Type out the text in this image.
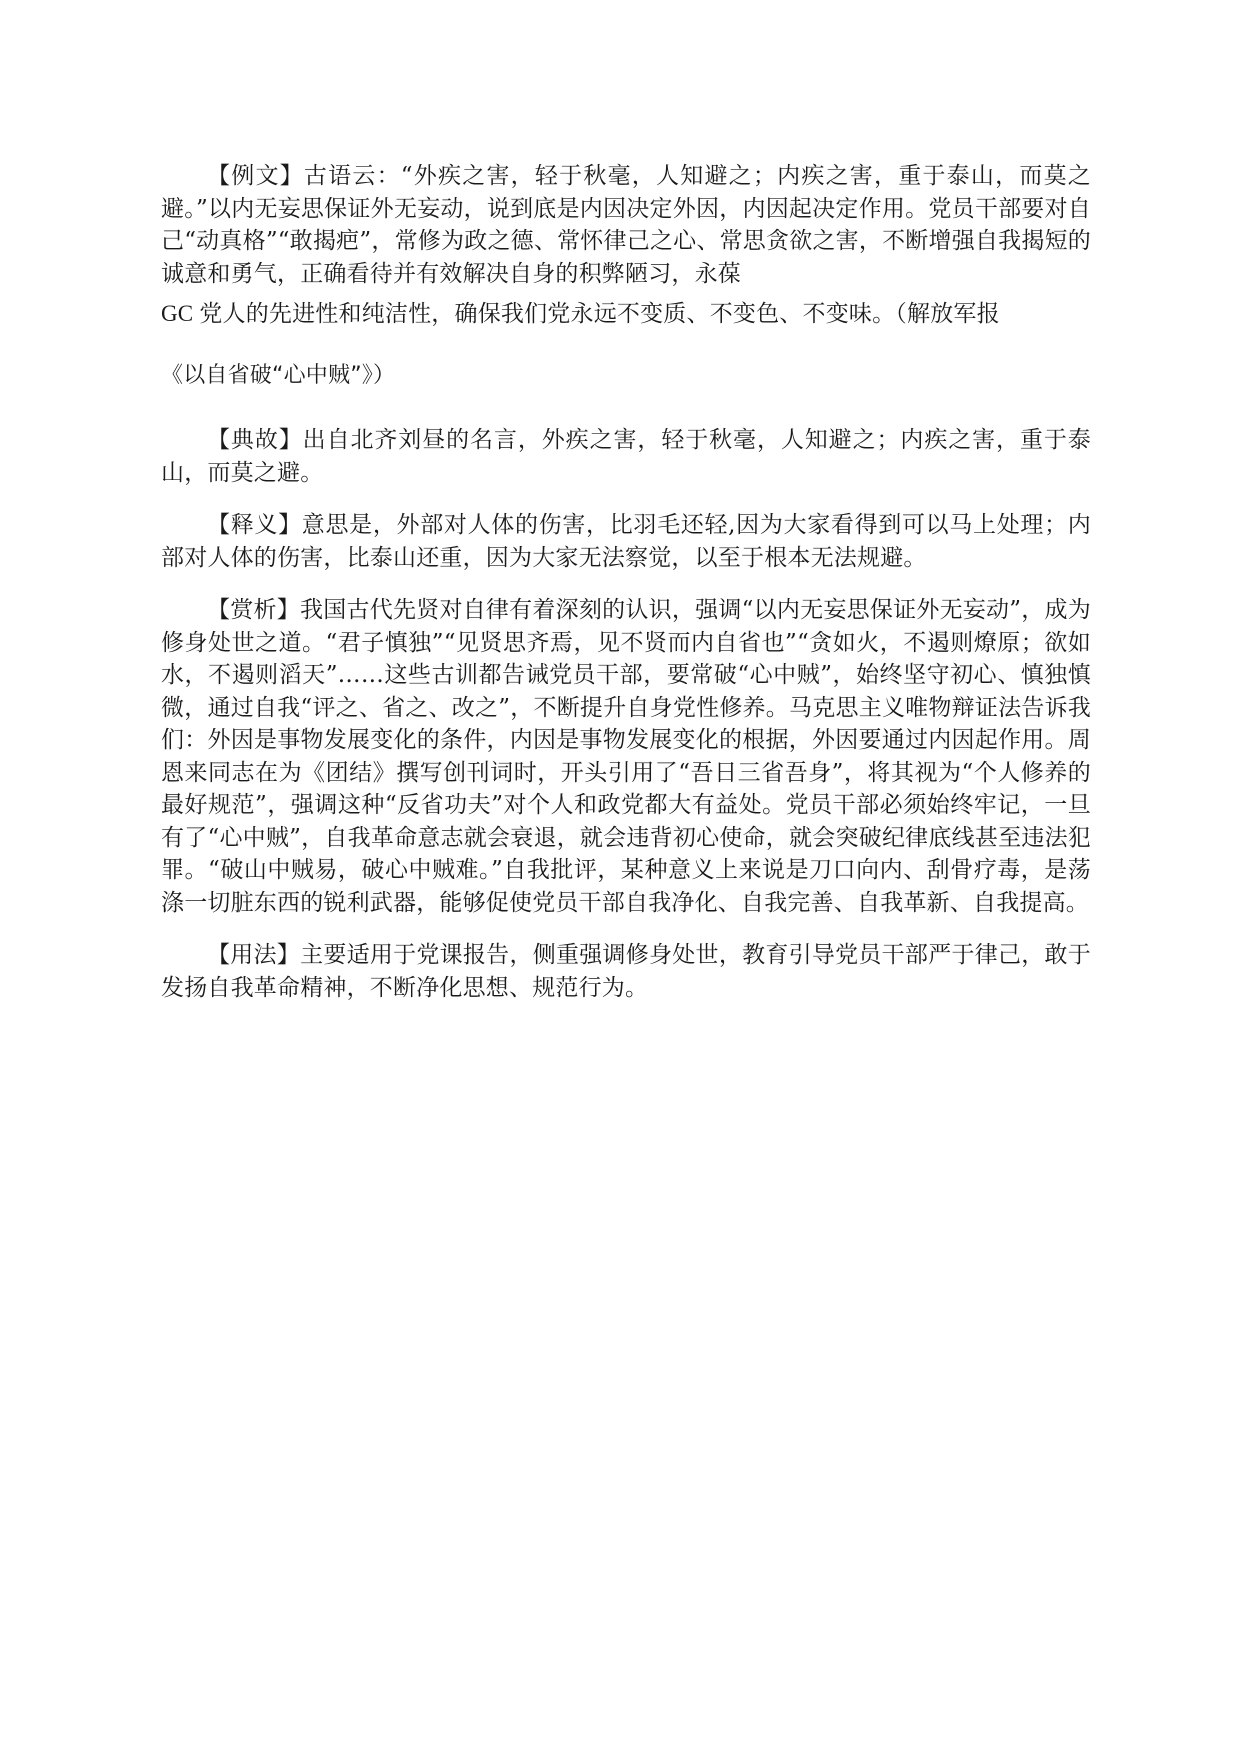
【例文】古语云：“外疾之害，轻于秋毫，人知避之；内疾之害，重于泰山，而莫之避。”以内无妄思保证外无妄动，说到底是内因决定外因，内因起决定作用。党员干部要对自己“动真格”“敢揭疤”，常修为政之德、常怀律己之心、常思贪欲之害，不断增强自我揭短的诚意和勇气，正确看待并有效解决自身的积弊陋习，永葆

GC 党人的先进性和纯洁性，确保我们党永远不变质、不变色、不变味。（解放军报

《以自省破“心中贼”》）

【典故】出自北齐刘昼的名言，外疾之害，轻于秋毫，人知避之；内疾之害，重于泰山，而莫之避。

【释义】意思是，外部对人体的伤害，比羽毛还轻,因为大家看得到可以马上处理；内部对人体的伤害，比泰山还重，因为大家无法察觉，以至于根本无法规避。

【赏析】我国古代先贤对自律有着深刻的认识，强调“以内无妄思保证外无妄动”，成为修身处世之道。“君子慎独”“见贤思齐焉，见不贤而内自省也”“贪如火，不遏则燎原；欲如水，不遏则滔天”……这些古训都告诫党员干部，要常破“心中贼”，始终坚守初心、慎独慎微，通过自我“评之、省之、改之”，不断提升自身党性修养。马克思主义唯物辩证法告诉我们：外因是事物发展变化的条件，内因是事物发展变化的根据，外因要通过内因起作用。周恩来同志在为《团结》撰写创刊词时，开头引用了“吾日三省吾身”，将其视为“个人修养的最好规范”，强调这种“反省功夫”对个人和政党都大有益处。党员干部必须始终牢记，一旦有了“心中贼”，自我革命意志就会衰退，就会违背初心使命，就会突破纪律底线甚至违法犯罪。“破山中贼易，破心中贼难。”自我批评，某种意义上来说是刀口向内、刮骨疗毒，是荡涤一切脏东西的锐利武器，能够促使党员干部自我净化、自我完善、自我革新、自我提高。

【用法】主要适用于党课报告，侧重强调修身处世，教育引导党员干部严于律己，敢于发扬自我革命精神，不断净化思想、规范行为。
